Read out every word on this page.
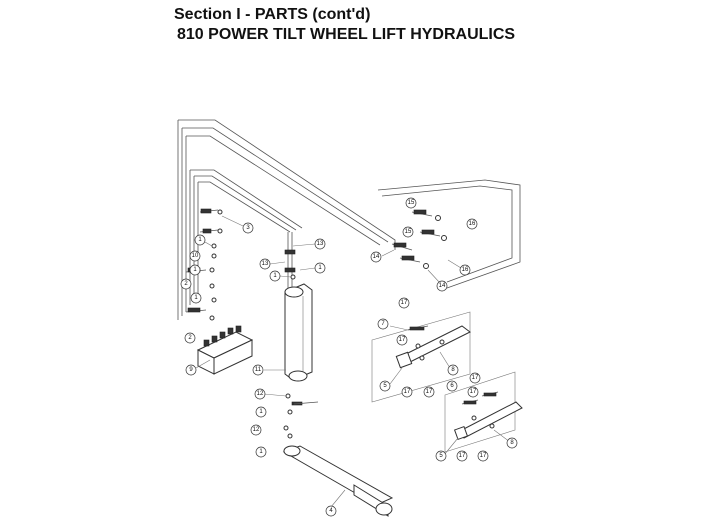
Section I - PARTS (cont'd)
810 POWER TILT WHEEL LIFT HYDRAULICS
3
1
10
1
2
1
2
9
13
13
1
1
11
12
1
12
1
4
15
15
16
14
16
14
17
7
17
8
5
17	17
6
17
17
8
5	17 17
